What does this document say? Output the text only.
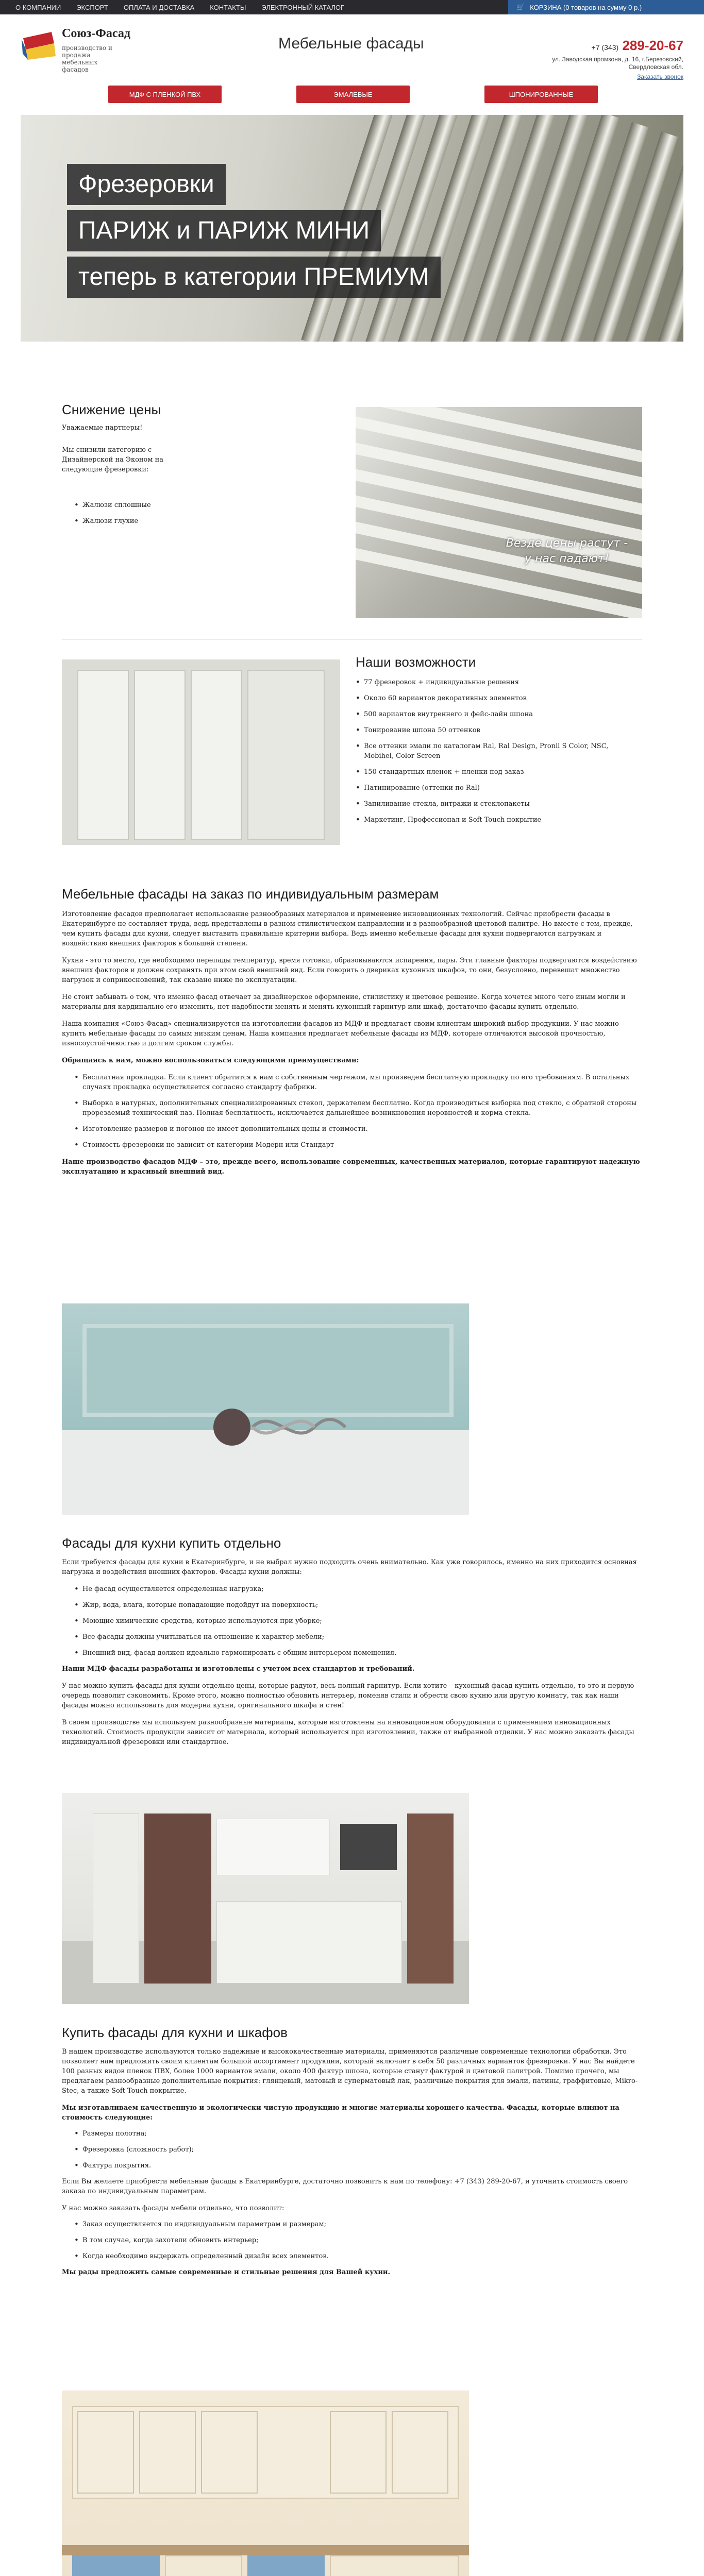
О КОМПАНИИ ЭКСПОРТ ОПЛАТА И ДОСТАВКА КОНТАКТЫ ЭЛЕКТРОННЫЙ КАТАЛОГ	🛒 КОРЗИНА (0 товаров на сумму 0 р.)
Союз-Фасад
производство и продажа мебельных фасадов
Мебельные фасады	+7 (343) 289-20-67
ул. Заводская промзона, д. 16, г.Березовский, Свердловская обл.
Заказать звонок
МДФ С ПЛЕНКОЙ ПВХ	ЭМАЛЕВЫЕ	ШПОНИРОВАННЫЕ
Фрезеровки
ПАРИЖ и ПАРИЖ МИНИ
теперь в категории ПРЕМИУМ
Снижение цены
Уважаемые партнеры!
Мы снизили категорию с Дизайнерской на Эконом на следующие фрезеровки:
• Жалюзи сплошные
• Жалюзи глухие
Везде цены растут - у нас падают!
Наши возможности
• 77 фрезеровок + индивидуальные решения
• Около 60 вариантов декоративных элементов
• 500 вариантов внутреннего и фейс-лайн шпона
• Тонирование шпона 50 оттенков
• Все оттенки эмали по каталогам Ral, Ral Design, Pronil S Color, NSC, Mobihel, Color Screen
• 150 стандартных пленок + пленки под заказ
• Патинирование (оттенки по Ral)
• Запиливание стекла, витражи и стеклопакеты
• Маркетинг, Профессионал и Soft Touch покрытие
Мебельные фасады на заказ по индивидуальным размерам
Изготовление фасадов предполагает использование разнообразных материалов и применение инновационных технологий. Сейчас приобрести фасады в Екатеринбурге не составляет труда, ведь представлены в разном стилистическом направлении и в разнообразной цветовой палитре. Но вместе с тем, прежде, чем купить фасады для кухни, следует выставить правильные критерии выбора. Ведь именно мебельные фасады для кухни подвергаются нагрузкам и воздействию внешних факторов в большей степени.
Кухня - это то место, где необходимо перепады температур, время готовки, образовываются испарения, пары. Эти главные факторы подвергаются воздействию внешних факторов и должен сохранять при этом свой внешний вид. Если говорить о двериках кухонных шкафов, то они, безусловно, перевешат множество нагрузок и соприкосновений, так сказано ниже по эксплуатации.
Не стоит забывать о том, что именно фасад отвечает за дизайнерское оформление, стилистику и цветовое решение. Когда хочется много чего иным могли и материалы для кардинально его изменить, нет надобности менять и менять кухонный гарнитур или шкаф, достаточно фасады купить отдельно.
Наша компания «Союз-Фасад» специализируется на изготовлении фасадов из МДФ и предлагает своим клиентам широкий выбор продукции. У нас можно купить мебельные фасады по самым низким ценам. Наша компания предлагает мебельные фасады из МДФ, которые отличаются высокой прочностью, износоустойчивостью и долгим сроком службы.
Обращаясь к нам, можно воспользоваться следующими преимуществами:
• Бесплатная прокладка. Если клиент обратится к нам с собственным чертежом, мы произведем бесплатную прокладку по его требованиям. В остальных случаях прокладка осуществляется согласно стандарту фабрики.
• Выборка в натурных, дополнительных специализированных стекол, держателем бесплатно. Когда производиться выборка под стекло, с обратной стороны прорезаемый технический паз. Полная бесплатность, исключается дальнейшее возникновения неровностей и корма стекла.
• Изготовление размеров и погонов не имеет дополнительных цены и стоимости.
• Стоимость фрезеровки не зависит от категории Модерн или Стандарт
Наше производство фасадов МДФ – это, прежде всего, использование современных, качественных материалов, которые гарантируют надежную эксплуатацию и красивый внешний вид.
Фасады для кухни купить отдельно
Если требуется фасады для кухни в Екатеринбурге, и не выбрал нужно подходить очень внимательно. Как уже говорилось, именно на них приходится основная нагрузка и воздействия внешних факторов. Фасады кухни должны:
• Не фасад осуществляется определенная нагрузка;
• Жир, вода, влага, которые попадающие подойдут на поверхность;
• Моющие химические средства, которые используются при уборке;
• Все фасады должны учитываться на отношение к характер мебели;
• Внешний вид, фасад должен идеально гармонировать с общим интерьером помещения.
Наши МДФ фасады разработаны и изготовлены с учетом всех стандартов и требований.
У нас можно купить фасады для кухни отдельно цены, которые радуют, весь полный гарнитур. Если хотите – кухонный фасад купить отдельно, то это и первую очередь позволит сэкономить. Кроме этого, можно полностью обновить интерьер, поменяв стили и обрести свою кухню или другую комнату, так как наши фасады можно использовать для модерна кухни, оригинального шкафа и стен!
В своем производстве мы используем разнообразные материалы, которые изготовлены на инновационном оборудовании с применением инновационных технологий. Стоимость продукции зависит от материала, который используется при изготовлении, также от выбранной отделки. У нас можно заказать фасады индивидуальной фрезеровки или стандартное.
Купить фасады для кухни и шкафов
В нашем производстве используются только надежные и высококачественные материалы, применяются различные современные технологии обработки. Это позволяет нам предложить своим клиентам большой ассортимент продукции, который включает в себя 50 различных вариантов фрезеровки. У нас Вы найдете 100 разных видов пленок ПВХ, более 1000 вариантов эмали, около 400 фактур шпона, которые станут фактурой и цветовой палитрой. Помимо прочего, мы предлагаем разнообразные дополнительные покрытия: глянцевый, матовый и суперматовый лак, различные покрытия для эмали, патины, граффитовые, Mikro-Stec, а также Soft Touch покрытие.
Мы изготавливаем качественную и экологически чистую продукцию и многие материалы хорошего качества. Фасады, которые влияют на стоимость следующие:
• Размеры полотна;
• Фрезеровка (сложность работ);
• Фактура покрытия.
Если Вы желаете приобрести мебельные фасады в Екатеринбурге, достаточно позвонить к нам по телефону: +7 (343) 289-20-67, и уточнить стоимость своего заказа по индивидуальным параметрам.
У нас можно заказать фасады мебели отдельно, что позволит:
• Заказ осуществляется по индивидуальным параметрам и размерам;
• В том случае, когда захотели обновить интерьер;
• Когда необходимо выдержать определенный дизайн всех элементов.
Мы рады предложить самые современные и стильные решения для Вашей кухни.
